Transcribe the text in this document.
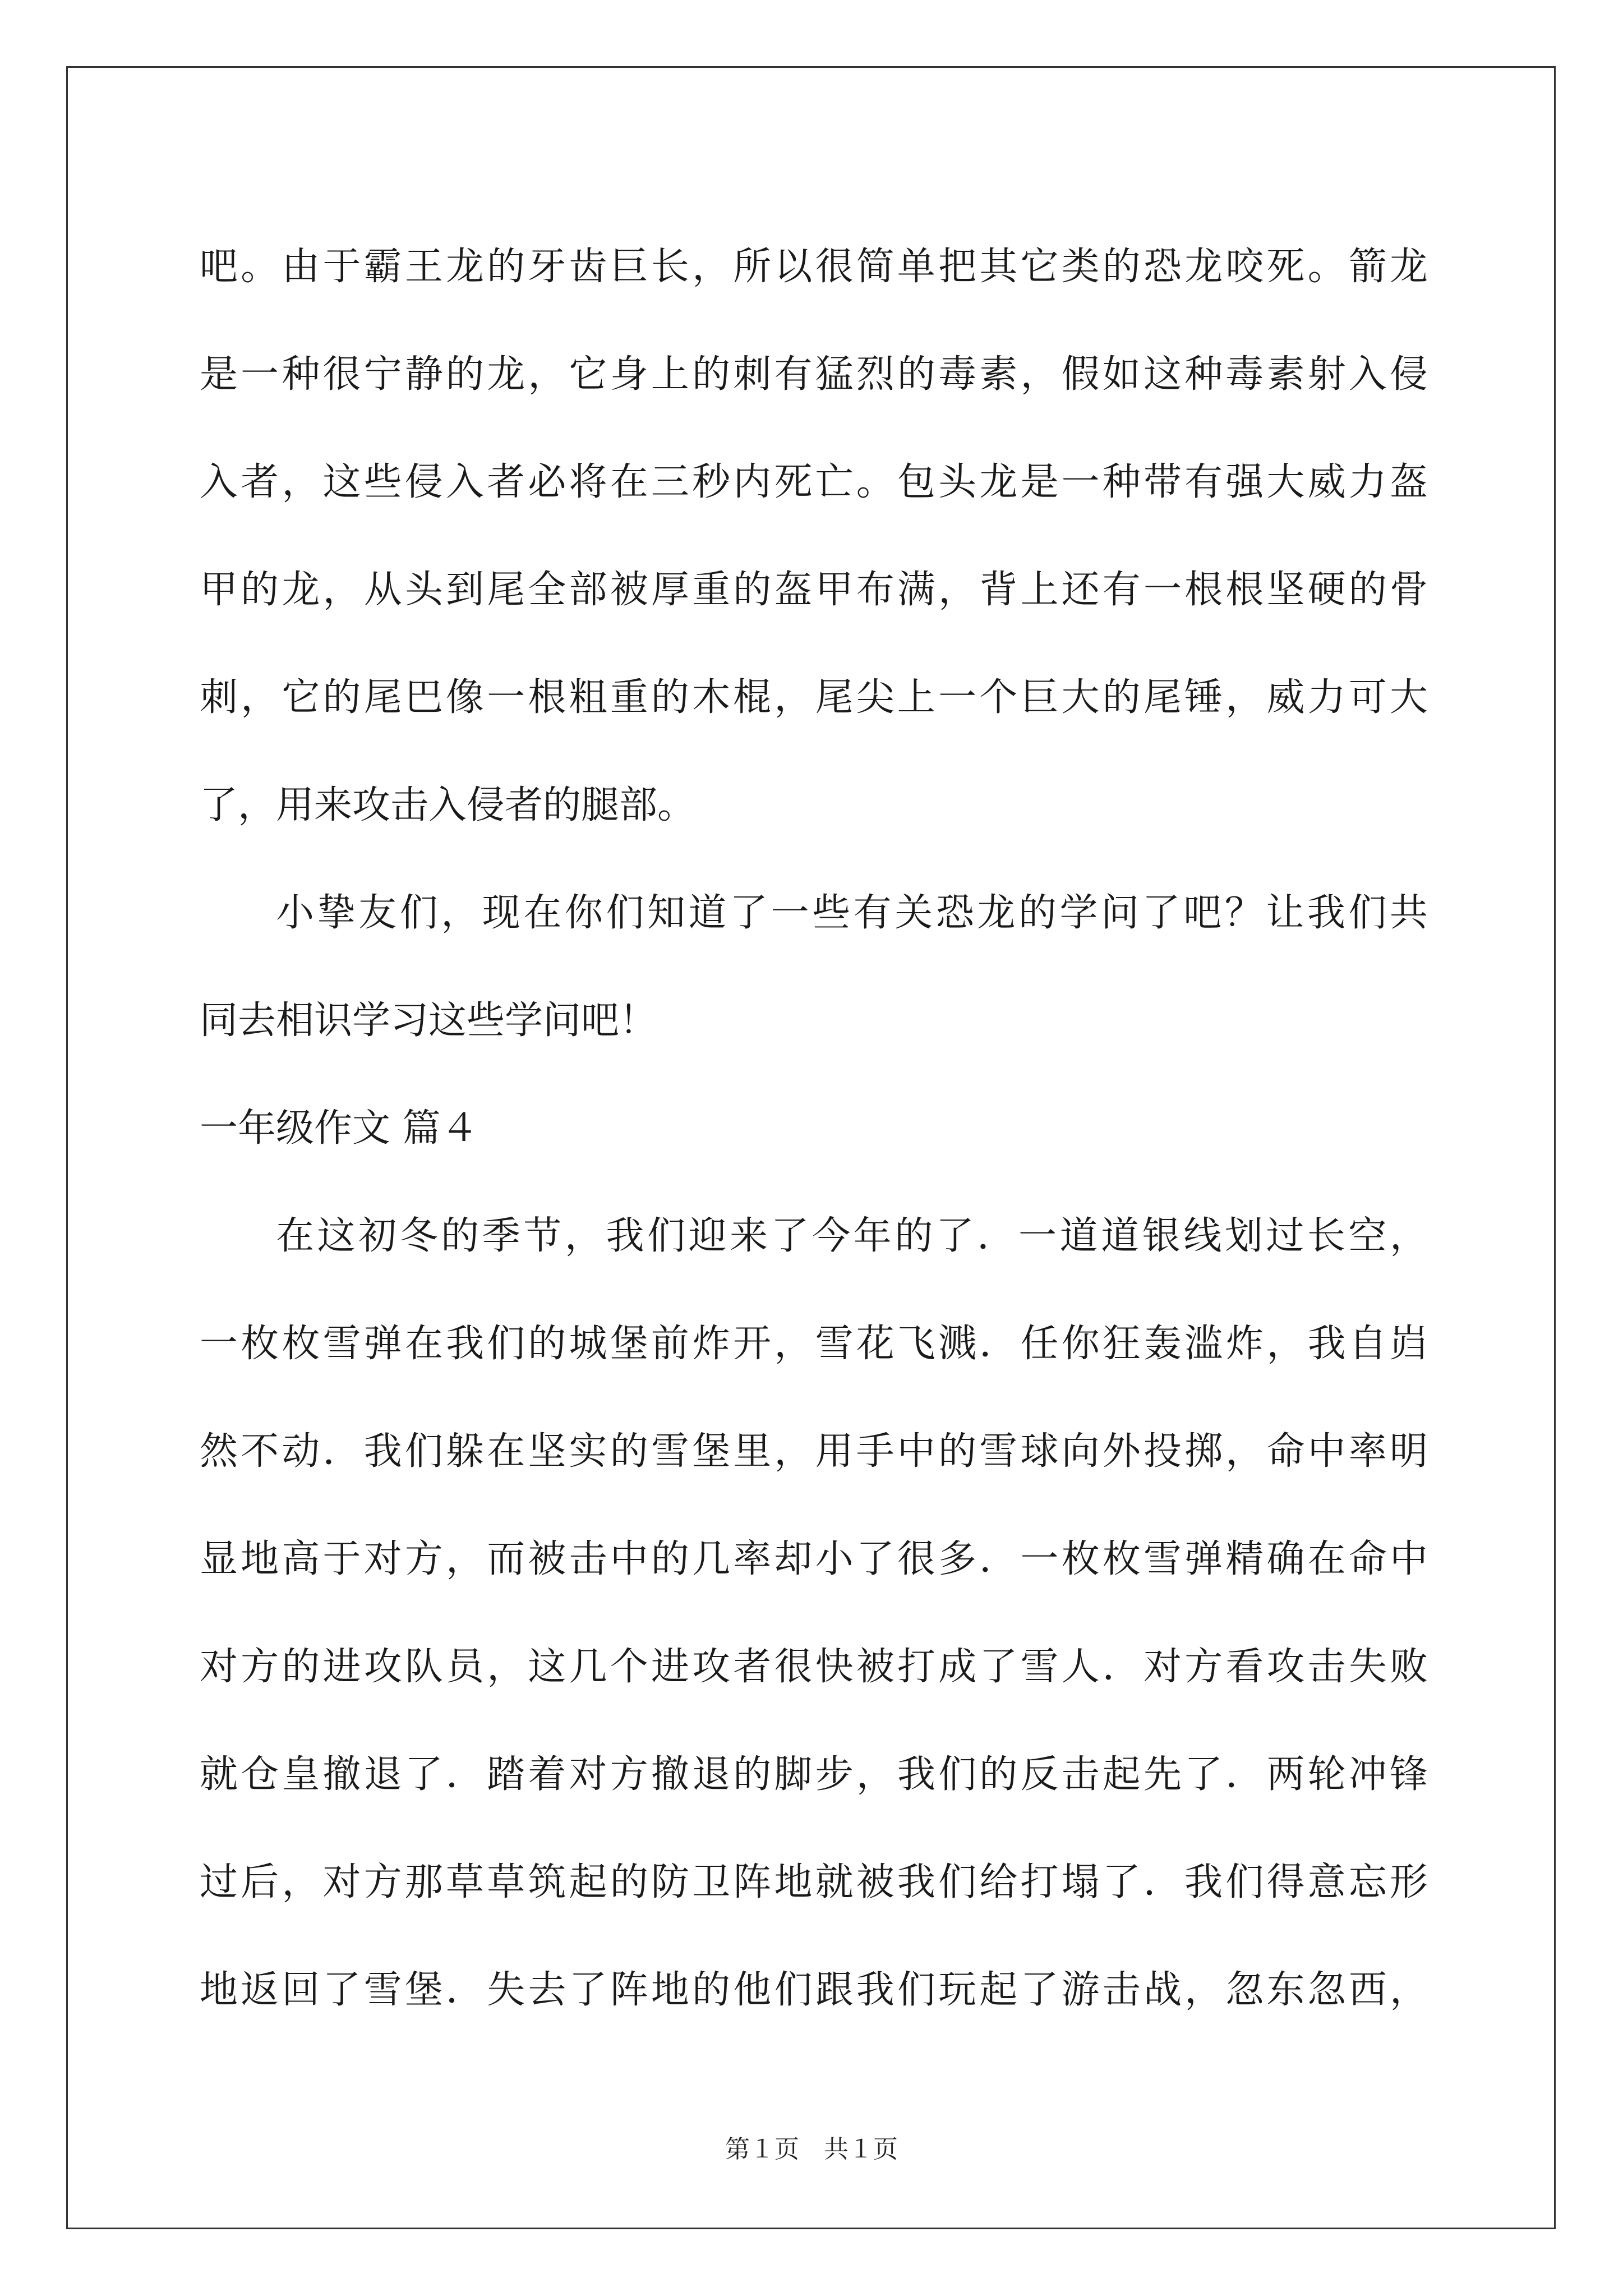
吧。由于霸王龙的牙齿巨长，所以很简单把其它类的恐龙咬死。箭龙
是一种很宁静的龙，它身上的刺有猛烈的毒素，假如这种毒素射入侵
入者，这些侵入者必将在三秒内死亡。包头龙是一种带有强大威力盔
甲的龙，从头到尾全部被厚重的盔甲布满，背上还有一根根坚硬的骨
刺，它的尾巴像一根粗重的木棍，尾尖上一个巨大的尾锤，威力可大
了，用来攻击入侵者的腿部。
小挚友们，现在你们知道了一些有关恐龙的学问了吧？让我们共
同去相识学习这些学问吧！
一年级作文 篇４
在这初冬的季节，我们迎来了今年的了．一道道银线划过长空，
一枚枚雪弹在我们的城堡前炸开，雪花飞溅．任你狂轰滥炸，我自岿
然不动．我们躲在坚实的雪堡里，用手中的雪球向外投掷，命中率明
显地高于对方，而被击中的几率却小了很多．一枚枚雪弹精确在命中
对方的进攻队员，这几个进攻者很快被打成了雪人．对方看攻击失败
就仓皇撤退了．踏着对方撤退的脚步，我们的反击起先了．两轮冲锋
过后，对方那草草筑起的防卫阵地就被我们给打塌了．我们得意忘形
地返回了雪堡．失去了阵地的他们跟我们玩起了游击战，忽东忽西，
第１页　共１页
